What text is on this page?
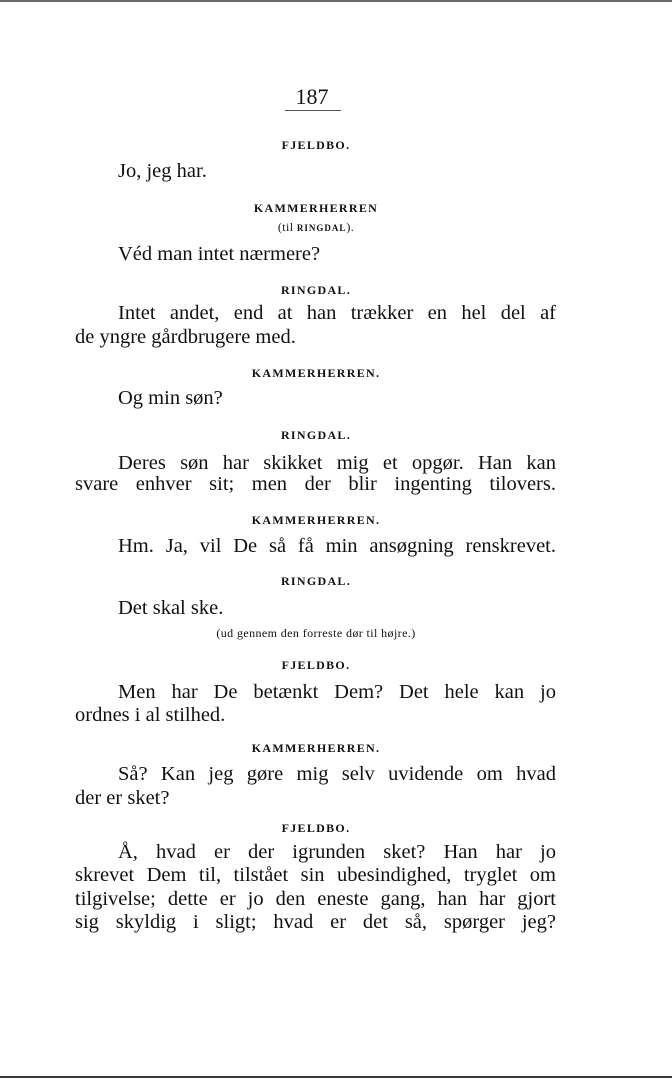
187
FJELDBO.
Jo, jeg har.
KAMMERHERREN
(til RINGDAL).
Véd man intet nærmere?
RINGDAL.
Intet andet, end at han trækker en hel del af
de yngre gårdbrugere med.
KAMMERHERREN.
Og min søn?
RINGDAL.
Deres søn har skikket mig et opgør. Han kan
svare enhver sit; men der blir ingenting tilovers.
KAMMERHERREN.
Hm. Ja, vil De så få min ansøgning renskrevet.
RINGDAL.
Det skal ske.
(ud gennem den forreste dør til højre.)
FJELDBO.
Men har De betænkt Dem? Det hele kan jo
ordnes i al stilhed.
KAMMERHERREN.
Så? Kan jeg gøre mig selv uvidende om hvad
der er sket?
FJELDBO.
Å, hvad er der igrunden sket? Han har jo
skrevet Dem til, tilstået sin ubesindighed, tryglet om
tilgivelse; dette er jo den eneste gang, han har gjort
sig skyldig i sligt; hvad er det så, spørger jeg?
